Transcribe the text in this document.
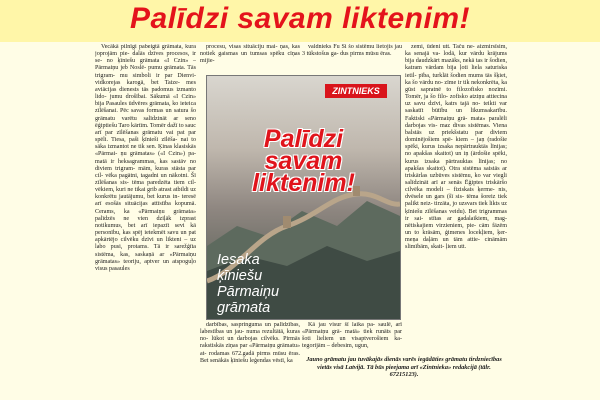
Palīdzi savam liktenim!

Vecākā pilnīgi pabeigtā grāmata, kura joprojām pie- dalās dzīves procesos, ir se- no ķīniešu grāmata «I Czin» – Pārmaiņu jeb Noslē- pumu grāmata. Tās trigram- mu simboli ir par Dienvi- vidkorejas karogā, bet Taize- mes aviācijas dienests tās padomus izmanto lido- jumu drošībai. Sākumā «I Czin» bija Pasaules ūdvēres grāmata, ko ieteica zīlēšanai. Pēc savas formas un satura šo grāmatu varētu salīdzināt ar seno ēģiptiešu Taro kārtīm. Tomēr dažī to sauc arī par zīlēšanas grāmatu vai pat par spēli. Tiesa, paši ķīnieši zīlēša- nai to sāka izmantot ne tik sen. Ķinas klasiskās «Pārmai- ņu grāmatas» («I Czin») pa- matā ir heksagrammas, kas sastāv no diviem trigram- mām, kuras stāsta par cil- vēka pagātni, tagadni un nākotni. Šī zīlēšanas sis- tēma paredzēta tiem cil- vēkiem, kuri ne tikai grib atrast atbildi uz konkrētu jautājumu, bet kurus in- teresē arī esošās situācijas attīstība kopumā. Cerams, ka «Pārmaiņu grāmata» palīdzēs ne vien dziļāk izprast notikumus, bet arī iepazīt sevi kā personību, kas spēj ietekmēt savu un pat apkārtējo cilvēku dzīvi un likteni – uz labo pusi, protams. Tā ir sarežģīta sistēma, kas, saskaņā ar «Pārmaiņu grāmatas» teoriju, aptver un atspoguļo visus pasaules

procesu, visas situāciju mai- ņas, kas notiek gaismas un tumsas spēku cīņas mijie-

valdnieks Fu Si šo sistēmu lietojis jau 3 tūkstošus ga- dus pirms mūsu ēras.

zemi, ūdeni utt. Taču ne- aizmirsīsim, ka senajā va- lodā, kur vārdu krājums bija daudzkārt mazāks, nekā tas ir šodien, katram vārdam bija ļoti liela saturiska ietil- pība, turklāt šodien mums tās šķiet, ka šo vārdu no- zīme ir tik nekonkrēta, ka gūst sapratnē to filozofisko nozīmi. Tomēr, ja šo filo- zofisko atziņu attiecina uz savu dzīvi, katrs tajā no- teikti var saskatīt būtību un likumsakarību. Faktiski «Pārmaiņu grā- mata» paralēli darbojas vis- maz divas sistēmas. Viena balstās uz priekšstatu par diviem dominējošiem spē- kiem – jaņ (radošie spēki, kurus izsaka nepārtrauktās līnijas; no apakšas skaitot) un iņ (ārdošie spēki, kurus izsaka pārtrauktas līnijas; no apakšas skaitot). Otra sistēma saistās ar triskārlas uzbūves sistēmu, ko var viegli salīdzināt arī ar senās Ēģiptes triskāršo cilvēka modeli – fiziskais ķerme- nis, dvēsele un gars (šī sis- tēma šoreiz tiek palikt neiz- tirzāta, jo uzsvars tiek likts uz ķīniešu zīlēšanas veidu). Bet trigrammas ir sai- stītas ar gadalaikiem, mag- nētiskajiem virzieniem, pie- cām fāzēm un to krāsām, ģimenes locekļiem, ķer- meņa daļām un tām attie- cināmām slimībām, skait- ļiem utt.

ZINTNIEKS
Palīdzi
savam
liktenim!
Iesaka
ķīniešu
Pārmaiņu
grāmata

darbības, saspringuma un palīdzības, labestības un jau- numa rezultātā, kuras no- lūkot un darbojas cilvēks. Pirmās rakstiskās ziņas par «Pārmaiņu grāmatu» at- rodamas 672.gadā pirms mūsu ēras. Bet senākās ķīniešu leģendas vēstī, ka

Kā jau visur šī laika pa- saulē, arī «Pārmaiņu grā- matā» tiek runāts par šoti lieliem un visaptverošiem ka- tegorijām – debesim, ugun,

Jauno grāmatu jau tuvākajās dienās varēs iegādāties grāmatu tirdzniecības vietās visā Latvijā. Tā būs pieejama arī «Zintnieka» redakcijā (tālr. 67215123).
